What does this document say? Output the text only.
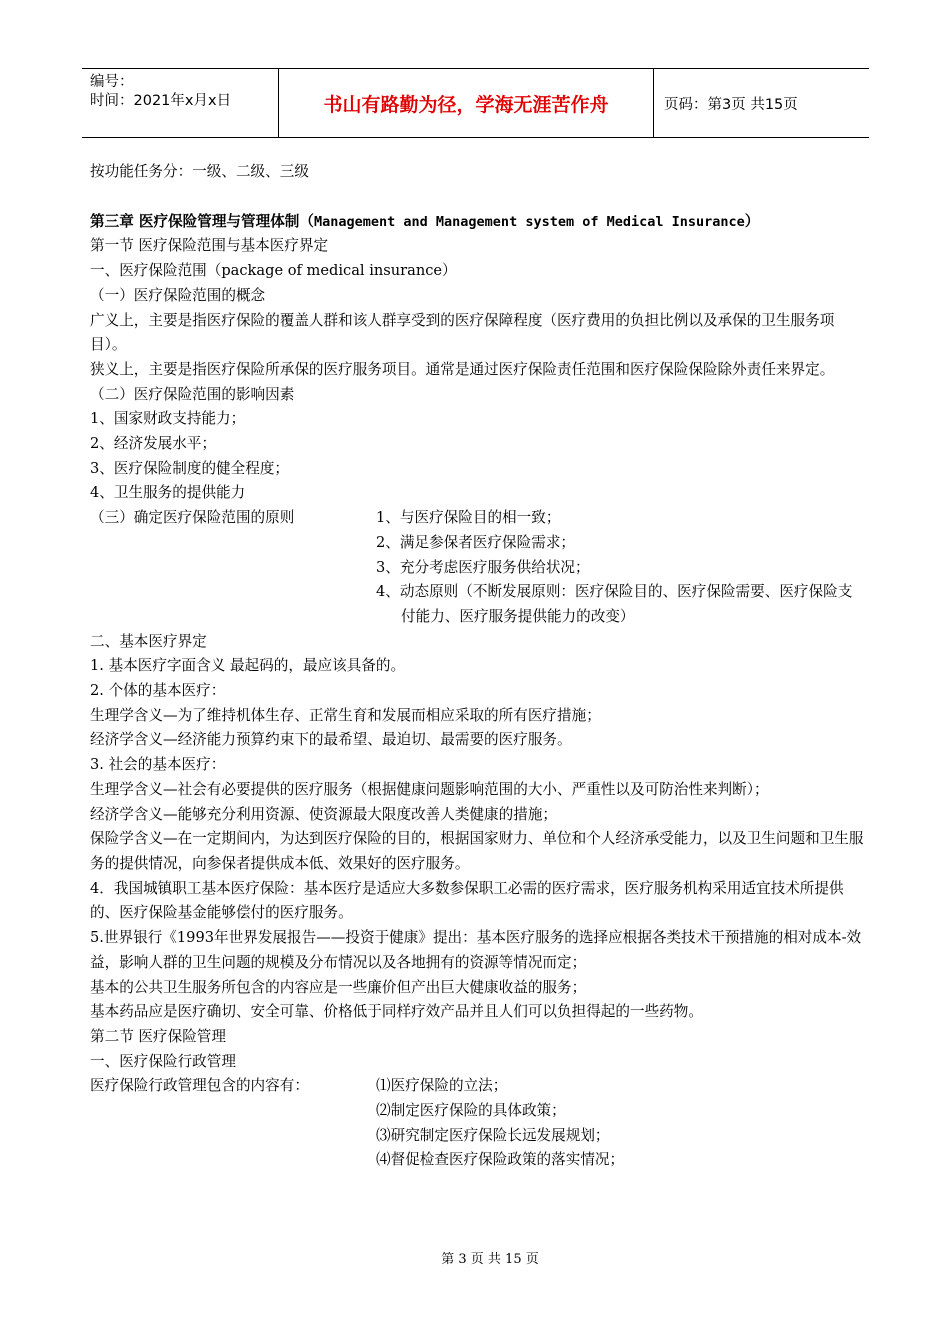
编号：
时间：2021年x月x日	书山有路勤为径，学海无涯苦作舟	页码：第3页 共15页
按功能任务分：一级、二级、三级
第三章 医疗保险管理与管理体制（Management and Management system of Medical Insurance）
第一节 医疗保险范围与基本医疗界定
一、医疗保险范围（package of medical insurance）
（一）医疗保险范围的概念
广义上，主要是指医疗保险的覆盖人群和该人群享受到的医疗保障程度（医疗费用的负担比例以及承保的卫生服务项目）。
狭义上，主要是指医疗保险所承保的医疗服务项目。通常是通过医疗保险责任范围和医疗保险保险除外责任来界定。
（二）医疗保险范围的影响因素
1、国家财政支持能力；
2、经济发展水平；
3、医疗保险制度的健全程度；
4、卫生服务的提供能力
（三）确定医疗保险范围的原则	1、与医疗保险目的相一致；
2、满足参保者医疗保险需求；
3、充分考虑医疗服务供给状况；
4、动态原则（不断发展原则：医疗保险目的、医疗保险需要、医疗保险支付能力、医疗服务提供能力的改变）
二、基本医疗界定
1. 基本医疗字面含义 最起码的，最应该具备的。
2. 个体的基本医疗：
生理学含义—为了维持机体生存、正常生育和发展而相应采取的所有医疗措施；
经济学含义—经济能力预算约束下的最希望、最迫切、最需要的医疗服务。
3. 社会的基本医疗：
生理学含义—社会有必要提供的医疗服务（根据健康问题影响范围的大小、严重性以及可防治性来判断）；
经济学含义—能够充分利用资源、使资源最大限度改善人类健康的措施；
保险学含义—在一定期间内，为达到医疗保险的目的，根据国家财力、单位和个人经济承受能力，以及卫生问题和卫生服务的提供情况，向参保者提供成本低、效果好的医疗服务。
4．我国城镇职工基本医疗保险：基本医疗是适应大多数参保职工必需的医疗需求，医疗服务机构采用适宜技术所提供的、医疗保险基金能够偿付的医疗服务。
5.世界银行《1993年世界发展报告——投资于健康》提出：基本医疗服务的选择应根据各类技术干预措施的相对成本-效益，影响人群的卫生问题的规模及分布情况以及各地拥有的资源等情况而定；
基本的公共卫生服务所包含的内容应是一些廉价但产出巨大健康收益的服务；
基本药品应是医疗确切、安全可靠、价格低于同样疗效产品并且人们可以负担得起的一些药物。
第二节 医疗保险管理
一、医疗保险行政管理
医疗保险行政管理包含的内容有：	⑴医疗保险的立法；
⑵制定医疗保险的具体政策；
⑶研究制定医疗保险长远发展规划；
⑷督促检查医疗保险政策的落实情况；
第 3 页 共 15 页
